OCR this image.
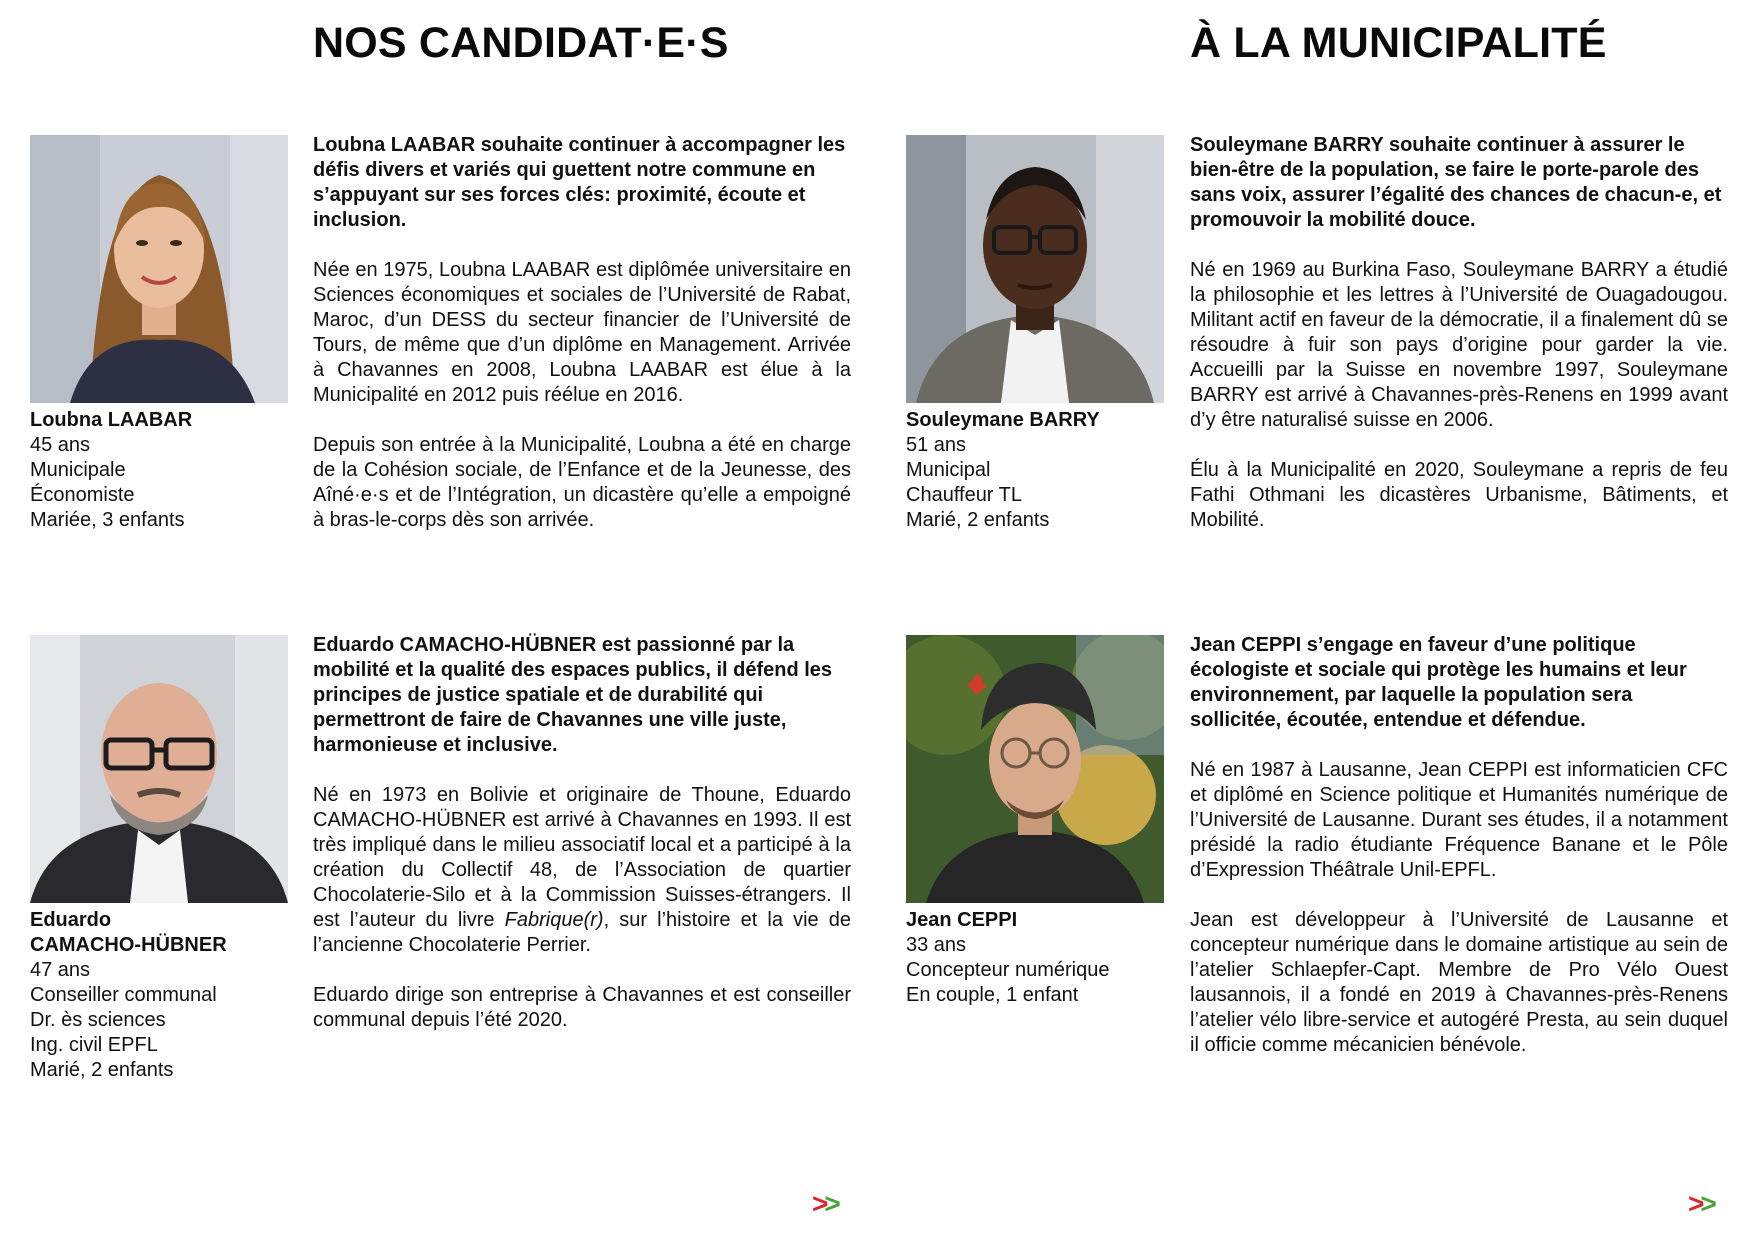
NOS CANDIDAT·E·S	À LA MUNICIPALITÉ
Loubna LAABAR
45 ans
Municipale
Économiste
Mariée, 3 enfants

Loubna LAABAR souhaite continuer à accompagner les défis divers et variés qui guettent notre commune en s’appuyant sur ses forces clés: proximité, écoute et inclusion.

Née en 1975, Loubna LAABAR est diplômée universitaire en Sciences économiques et sociales de l’Université de Rabat, Maroc, d’un DESS du secteur financier de l’Université de Tours, de même que d’un diplôme en Management. Arrivée à Chavannes en 2008, Loubna LAABAR est élue à la Municipalité en 2012 puis réélue en 2016.

Depuis son entrée à la Municipalité, Loubna a été en charge de la Cohésion sociale, de l’Enfance et de la Jeunesse, des Aîné·e·s et de l’Intégration, un dicastère qu’elle a empoigné à bras-le-corps dès son arrivée.

Souleymane BARRY
51 ans
Municipal
Chauffeur TL
Marié, 2 enfants

Souleymane BARRY souhaite continuer à assurer le bien-être de la population, se faire le porte-parole des sans voix, assurer l’égalité des chances de chacun-e, et promouvoir la mobilité douce.

Né en 1969 au Burkina Faso, Souleymane BARRY a étudié la philosophie et les lettres à l’Université de Ouagadougou. Militant actif en faveur de la démocratie, il a finalement dû se résoudre à fuir son pays d’origine pour garder la vie. Accueilli par la Suisse en novembre 1997, Souleymane BARRY est arrivé à Chavannes-près-Renens en 1999 avant d’y être naturalisé suisse en 2006.

Élu à la Municipalité en 2020, Souleymane a repris de feu Fathi Othmani les dicastères Urbanisme, Bâtiments, et Mobilité.

Eduardo
CAMACHO-HÜBNER
47 ans
Conseiller communal
Dr. ès sciences
Ing. civil EPFL
Marié, 2 enfants

Eduardo CAMACHO-HÜBNER est passionné par la mobilité et la qualité des espaces publics, il défend les principes de justice spatiale et de durabilité qui permettront de faire de Chavannes une ville juste, harmonieuse et inclusive.

Né en 1973 en Bolivie et originaire de Thoune, Eduardo CAMACHO-HÜBNER est arrivé à Chavannes en 1993. Il est très impliqué dans le milieu associatif local et a participé à la création du Collectif 48, de l’Association de quartier Chocolaterie-Silo et à la Commission Suisses-étrangers. Il est l’auteur du livre Fabrique(r), sur l’histoire et la vie de l’ancienne Chocolaterie Perrier.

Eduardo dirige son entreprise à Chavannes et est conseiller communal depuis l’été 2020.

Jean CEPPI
33 ans
Concepteur numérique
En couple, 1 enfant

Jean CEPPI s’engage en faveur d’une politique écologiste et sociale qui protège les humains et leur environnement, par laquelle la population sera sollicitée, écoutée, entendue et défendue.

Né en 1987 à Lausanne, Jean CEPPI est informaticien CFC et diplômé en Science politique et Humanités numérique de l’Université de Lausanne. Durant ses études, il a notamment présidé la radio étudiante Fréquence Banane et le Pôle d’Expression Théâtrale Unil-EPFL.

Jean est développeur à l’Université de Lausanne et concepteur numérique dans le domaine artistique au sein de l’atelier Schlaepfer-Capt. Membre de Pro Vélo Ouest lausannois, il a fondé en 2019 à Chavannes-près-Renens l’atelier vélo libre-service et autogéré Presta, au sein duquel il officie comme mécanicien bénévole.

>>	>>
